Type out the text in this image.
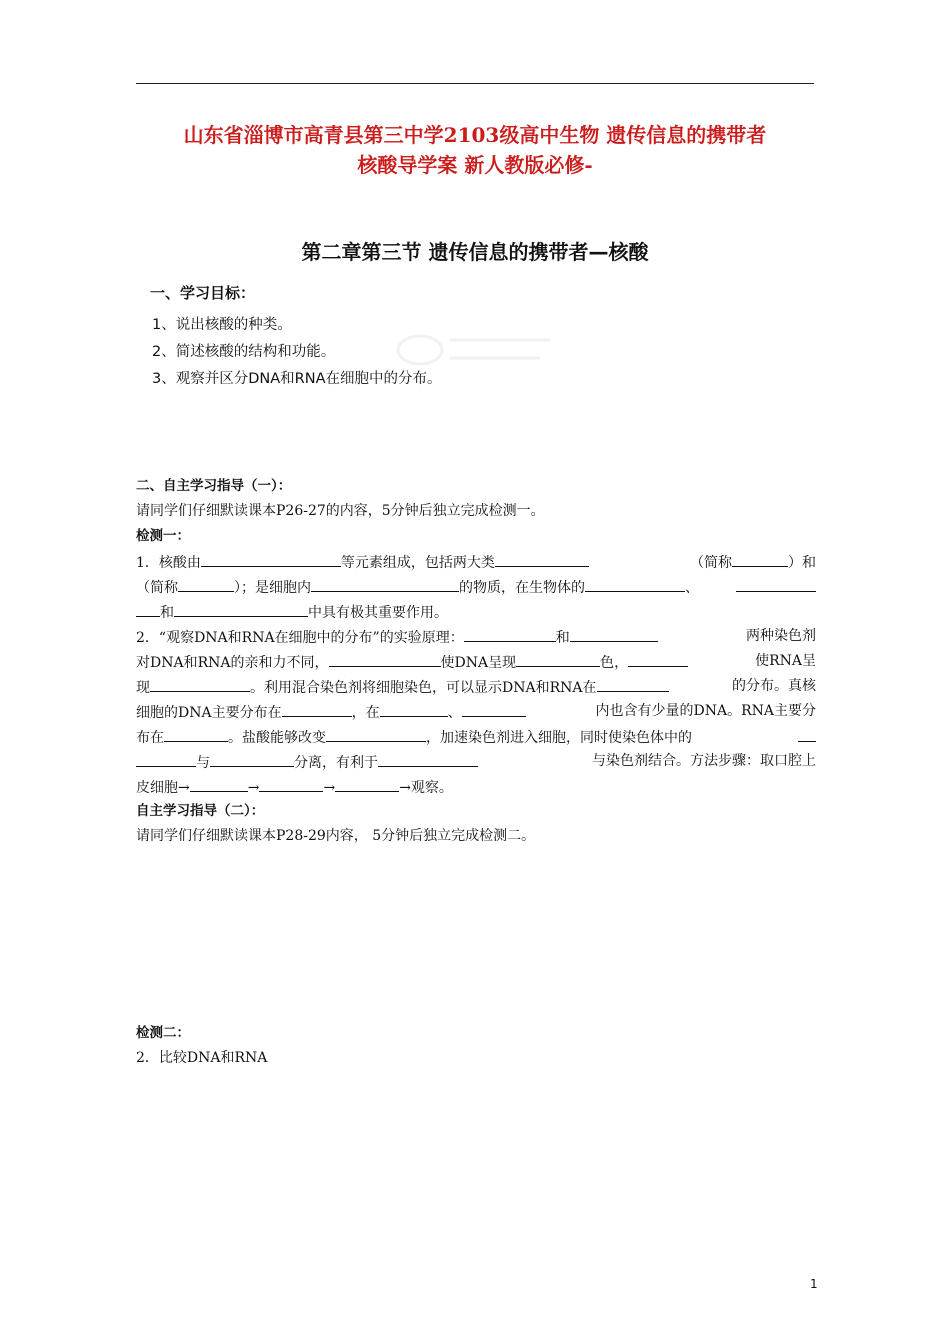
山东省淄博市高青县第三中学2103级高中生物 遗传信息的携带者
核酸导学案 新人教版必修-
第二章第三节 遗传信息的携带者—核酸
一、学习目标：
1、说出核酸的种类。
2、简述核酸的结构和功能。
3、观察并区分DNA和RNA在细胞中的分布。
二、自主学习指导（一）：
请同学们仔细默读课本P26-27的内容，5分钟后独立完成检测一。
检测一：
1．核酸由	等元素组成，包括两大类	（简称	）和
（简称	）；是细胞内	的物质，在生物体的	、
和	中具有极其重要作用。
2．“观察DNA和RNA在细胞中的分布”的实验原理：	和	两种染色剂
对DNA和RNA的亲和力不同，	使DNA呈现	色，	使RNA呈
现	。利用混合染色剂将细胞染色，可以显示DNA和RNA在	的分布。真核
细胞的DNA主要分布在	，在	、	内也含有少量的DNA。RNA主要分
布在	。盐酸能够改变	，加速染色剂进入细胞，同时使染色体中的
与	分离，有利于	与染色剂结合。方法步骤：取口腔上
皮细胞→	→	→	→观察。
自主学习指导（二）：
请同学们仔细默读课本P28-29内容， 5分钟后独立完成检测二。
检测二：
2．比较DNA和RNA
1
